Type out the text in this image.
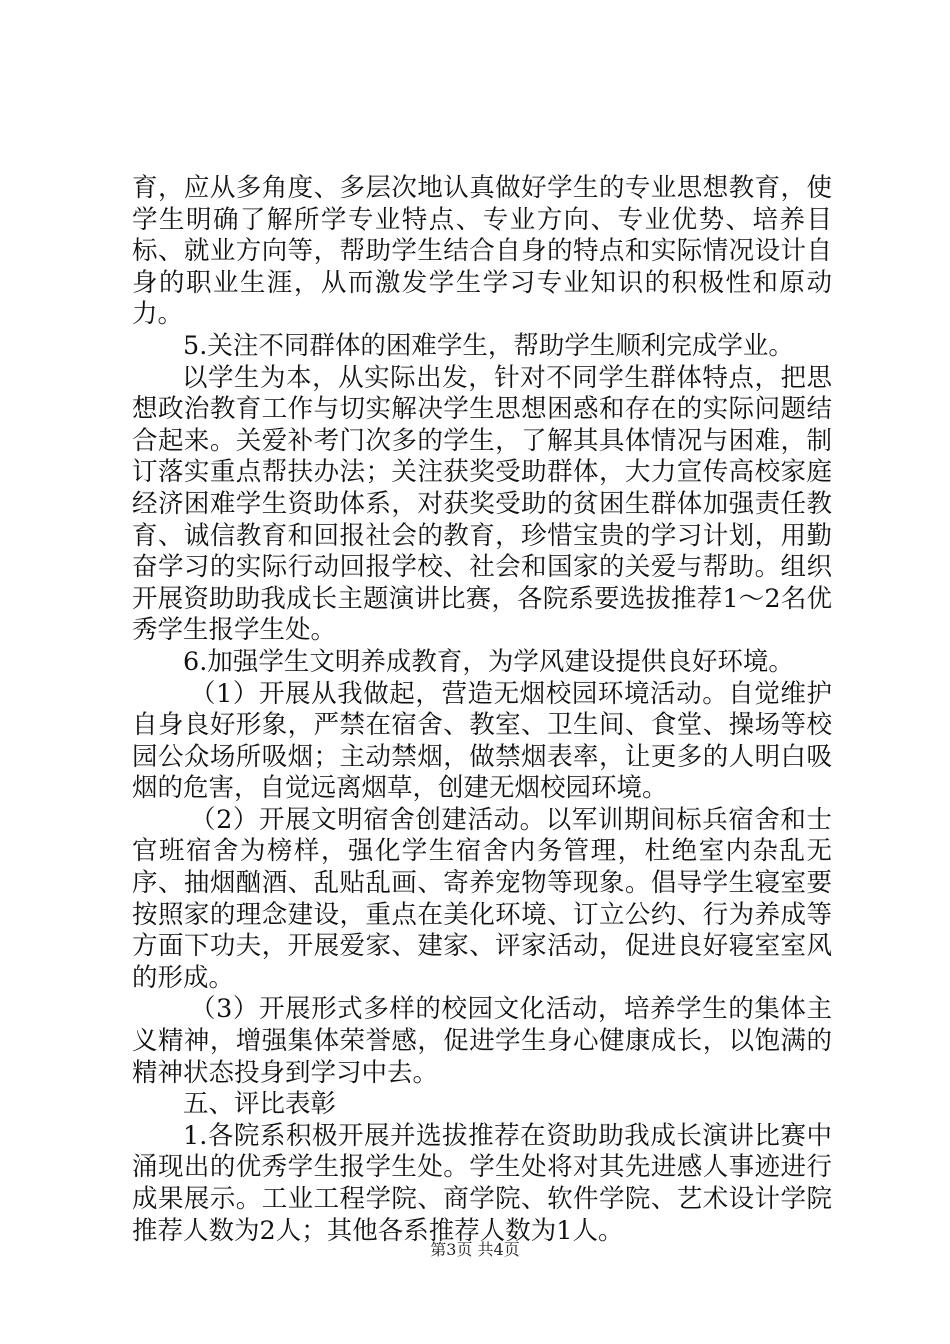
育，应从多角度、多层次地认真做好学生的专业思想教育，使学生明确了解所学专业特点、专业方向、专业优势、培养目标、就业方向等，帮助学生结合自身的特点和实际情况设计自身的职业生涯，从而激发学生学习专业知识的积极性和原动力。

5.关注不同群体的困难学生，帮助学生顺利完成学业。

以学生为本，从实际出发，针对不同学生群体特点，把思想政治教育工作与切实解决学生思想困惑和存在的实际问题结合起来。关爱补考门次多的学生，了解其具体情况与困难，制订落实重点帮扶办法；关注获奖受助群体，大力宣传高校家庭经济困难学生资助体系，对获奖受助的贫困生群体加强责任教育、诚信教育和回报社会的教育，珍惜宝贵的学习计划，用勤奋学习的实际行动回报学校、社会和国家的关爱与帮助。组织开展资助助我成长主题演讲比赛，各院系要选拔推荐1～2名优秀学生报学生处。

6.加强学生文明养成教育，为学风建设提供良好环境。

（1）开展从我做起，营造无烟校园环境活动。自觉维护自身良好形象，严禁在宿舍、教室、卫生间、食堂、操场等校园公众场所吸烟；主动禁烟，做禁烟表率，让更多的人明白吸烟的危害，自觉远离烟草，创建无烟校园环境。

（2）开展文明宿舍创建活动。以军训期间标兵宿舍和士官班宿舍为榜样，强化学生宿舍内务管理，杜绝室内杂乱无序、抽烟酗酒、乱贴乱画、寄养宠物等现象。倡导学生寝室要按照家的理念建设，重点在美化环境、订立公约、行为养成等方面下功夫，开展爱家、建家、评家活动，促进良好寝室室风的形成。

（3）开展形式多样的校园文化活动，培养学生的集体主义精神，增强集体荣誉感，促进学生身心健康成长，以饱满的精神状态投身到学习中去。

五、评比表彰

1.各院系积极开展并选拔推荐在资助助我成长演讲比赛中涌现出的优秀学生报学生处。学生处将对其先进感人事迹进行成果展示。工业工程学院、商学院、软件学院、艺术设计学院推荐人数为2人；其他各系推荐人数为1人。

第3页 共4页
